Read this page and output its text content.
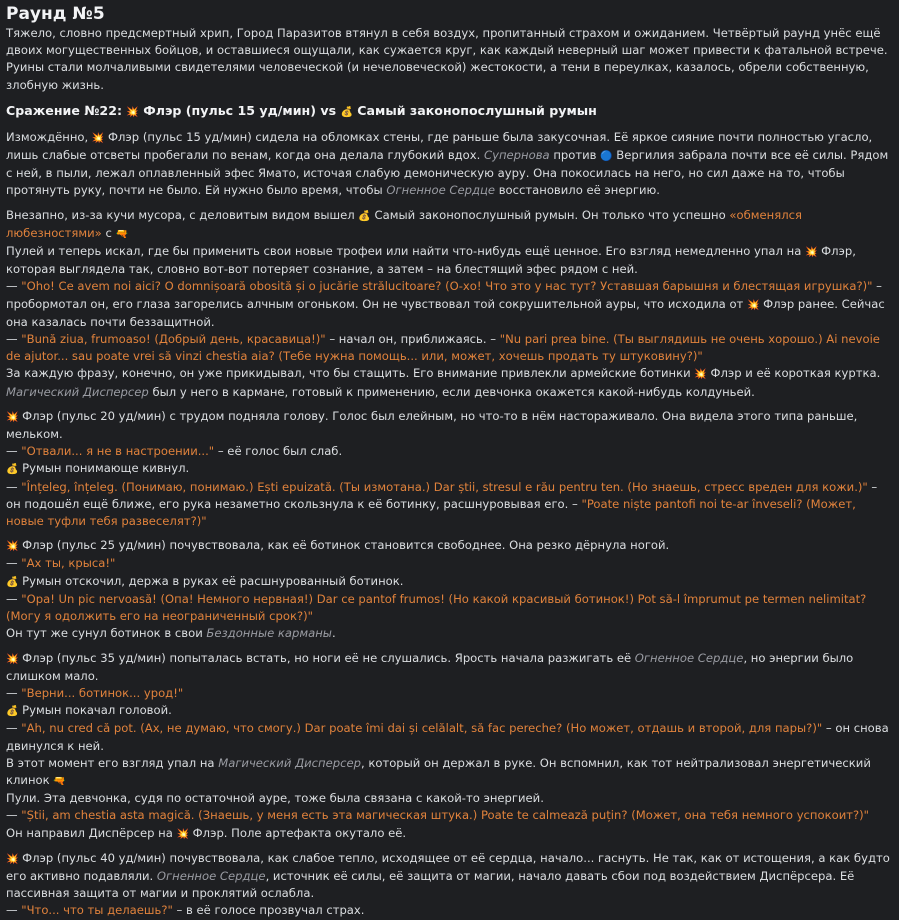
Раунд №5

Тяжело, словно предсмертный хрип, Город Паразитов втянул в себя воздух, пропитанный страхом и ожиданием. Четвёртый раунд унёс ещё двоих могущественных бойцов, и оставшиеся ощущали, как сужается круг, как каждый неверный шаг может привести к фатальной встрече. Руины стали молчаливыми свидетелями человеческой (и нечеловеческой) жестокости, а тени в переулках, казалось, обрели собственную, злобную жизнь.

Сражение №22: 💥 Флэр (пульс 15 уд/мин) vs 💰 Самый законопослушный румын

Измождённо, 💥 Флэр (пульс 15 уд/мин) сидела на обломках стены, где раньше была закусочная. Её яркое сияние почти полностью угасло, лишь слабые отсветы пробегали по венам, когда она делала глубокий вдох. Супернова против 🔵 Вергилия забрала почти все её силы. Рядом с ней, в пыли, лежал оплавленный эфес Ямато, источая слабую демоническую ауру. Она покосилась на него, но сил даже на то, чтобы протянуть руку, почти не было. Ей нужно было время, чтобы Огненное Сердце восстановило её энергию.

Внезапно, из-за кучи мусора, с деловитым видом вышел 💰 Самый законопослушный румын. Он только что успешно «обменялся любезностями» с 🔫
Пулей и теперь искал, где бы применить свои новые трофеи или найти что-нибудь ещё ценное. Его взгляд немедленно упал на 💥 Флэр, которая выглядела так, словно вот-вот потеряет сознание, а затем – на блестящий эфес рядом с ней.
— "Oho! Ce avem noi aici? O domnișoară obosită și o jucărie strălucitoare? (О-хо! Что это у нас тут? Уставшая барышня и блестящая игрушка?)" – пробормотал он, его глаза загорелись алчным огоньком. Он не чувствовал той сокрушительной ауры, что исходила от 💥 Флэр ранее. Сейчас она казалась почти беззащитной.
— "Bună ziua, frumoaso! (Добрый день, красавица!)" – начал он, приближаясь. – "Nu pari prea bine. (Ты выглядишь не очень хорошо.) Ai nevoie de ajutor... sau poate vrei să vinzi chestia aia? (Тебе нужна помощь... или, может, хочешь продать ту штуковину?)"
За каждую фразу, конечно, он уже прикидывал, что бы стащить. Его внимание привлекли армейские ботинки 💥 Флэр и её короткая куртка. Магический Дисперсер был у него в кармане, готовый к применению, если девчонка окажется какой-нибудь колдуньей.

💥 Флэр (пульс 20 уд/мин) с трудом подняла голову. Голос был елейным, но что-то в нём настораживало. Она видела этого типа раньше, мельком.
— "Отвали... я не в настроении..." – её голос был слаб.
💰 Румын понимающе кивнул.
— "Înțeleg, înțeleg. (Понимаю, понимаю.) Ești epuizată. (Ты измотана.) Dar știi, stresul e rău pentru ten. (Но знаешь, стресс вреден для кожи.)" – он подошёл ещё ближе, его рука незаметно скользнула к её ботинку, расшнуровывая его. – "Poate niște pantofi noi te-ar înveseli? (Может, новые туфли тебя развеселят?)"

💥 Флэр (пульс 25 уд/мин) почувствовала, как её ботинок становится свободнее. Она резко дёрнула ногой.
— "Ах ты, крыса!"
💰 Румын отскочил, держа в руках её расшнурованный ботинок.
— "Opa! Un pic nervoasă! (Опа! Немного нервная!) Dar ce pantof frumos! (Но какой красивый ботинок!) Pot să-l împrumut pe termen nelimitat? (Могу я одолжить его на неограниченный срок?)"
Он тут же сунул ботинок в свои Бездонные карманы.

💥 Флэр (пульс 35 уд/мин) попыталась встать, но ноги её не слушались. Ярость начала разжигать её Огненное Сердце, но энергии было слишком мало.
— "Верни... ботинок... урод!"
💰 Румын покачал головой.
— "Ah, nu cred că pot. (Ах, не думаю, что смогу.) Dar poate îmi dai și celălalt, să fac pereche? (Но может, отдашь и второй, для пары?)" – он снова двинулся к ней.
В этот момент его взгляд упал на Магический Дисперсер, который он держал в руке. Он вспомнил, как тот нейтрализовал энергетический клинок 🔫
Пули. Эта девчонка, судя по остаточной ауре, тоже была связана с какой-то энергией.
— "Știi, am chestia asta magică. (Знаешь, у меня есть эта магическая штука.) Poate te calmează puțin? (Может, она тебя немного успокоит?)"
Он направил Диспёрсер на 💥 Флэр. Поле артефакта окутало её.

💥 Флэр (пульс 40 уд/мин) почувствовала, как слабое тепло, исходящее от её сердца, начало... гаснуть. Не так, как от истощения, а как будто его активно подавляли. Огненное Сердце, источник её силы, её защита от магии, начало давать сбои под воздействием Диспёрсера. Её пассивная защита от магии и проклятий ослабла.
— "Что... что ты делаешь?" – в её голосе прозвучал страх.
